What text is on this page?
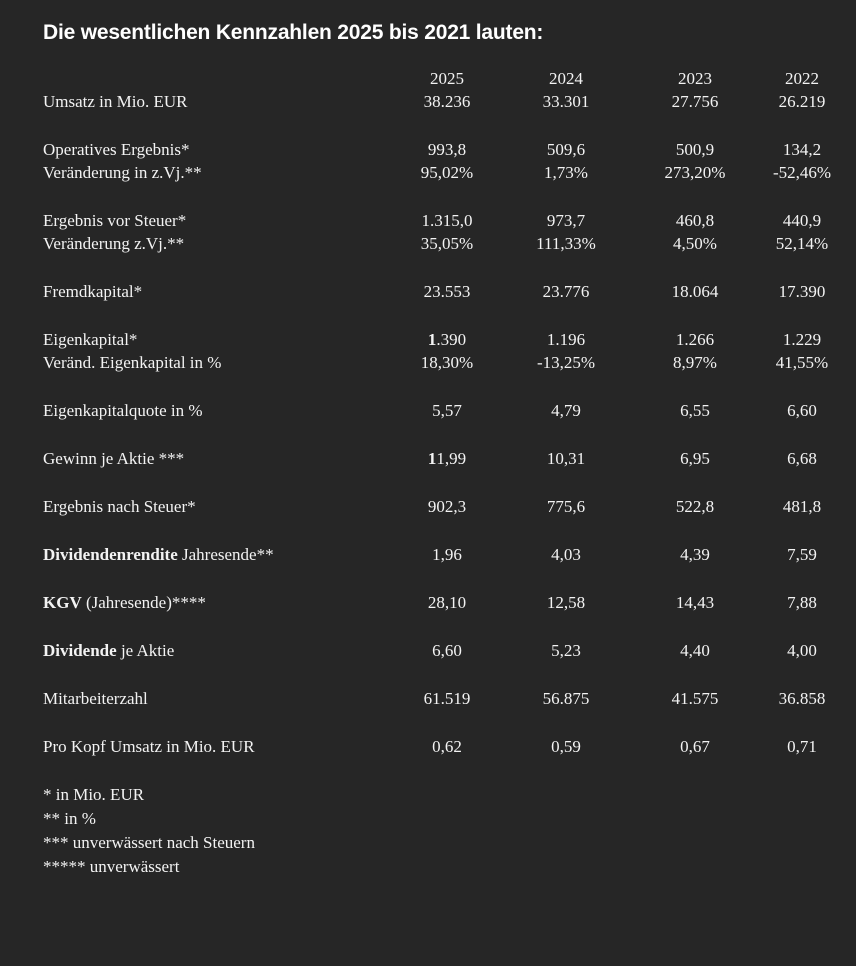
Die wesentlichen Kennzahlen 2025 bis 2021 lauten:
	2025	2024	2023	2022
Umsatz in Mio. EUR	38.236	33.301	27.756	26.219
Operatives Ergebnis*	993,8	509,6	500,9	134,2
Veränderung in z.Vj.**	95,02%	1,73%	273,20%	-52,46%
Ergebnis vor Steuer*	1.315,0	973,7	460,8	440,9
Veränderung z.Vj.**	35,05%	111,33%	4,50%	52,14%
Fremdkapital*	23.553	23.776	18.064	17.390
Eigenkapital*	1.390	1.196	1.266	1.229
Veränd. Eigenkapital in %	18,30%	-13,25%	8,97%	41,55%
Eigenkapitalquote in %	5,57	4,79	6,55	6,60
Gewinn je Aktie ***	11,99	10,31	6,95	6,68
Ergebnis nach Steuer*	902,3	775,6	522,8	481,8
Dividendenrendite Jahresende**	1,96	4,03	4,39	7,59
KGV (Jahresende)****	28,10	12,58	14,43	7,88
Dividende je Aktie	6,60	5,23	4,40	4,00
Mitarbeiterzahl	61.519	56.875	41.575	36.858
Pro Kopf Umsatz in Mio. EUR	0,62	0,59	0,67	0,71
* in Mio. EUR
** in %
*** unverwässert nach Steuern
***** unverwässert
